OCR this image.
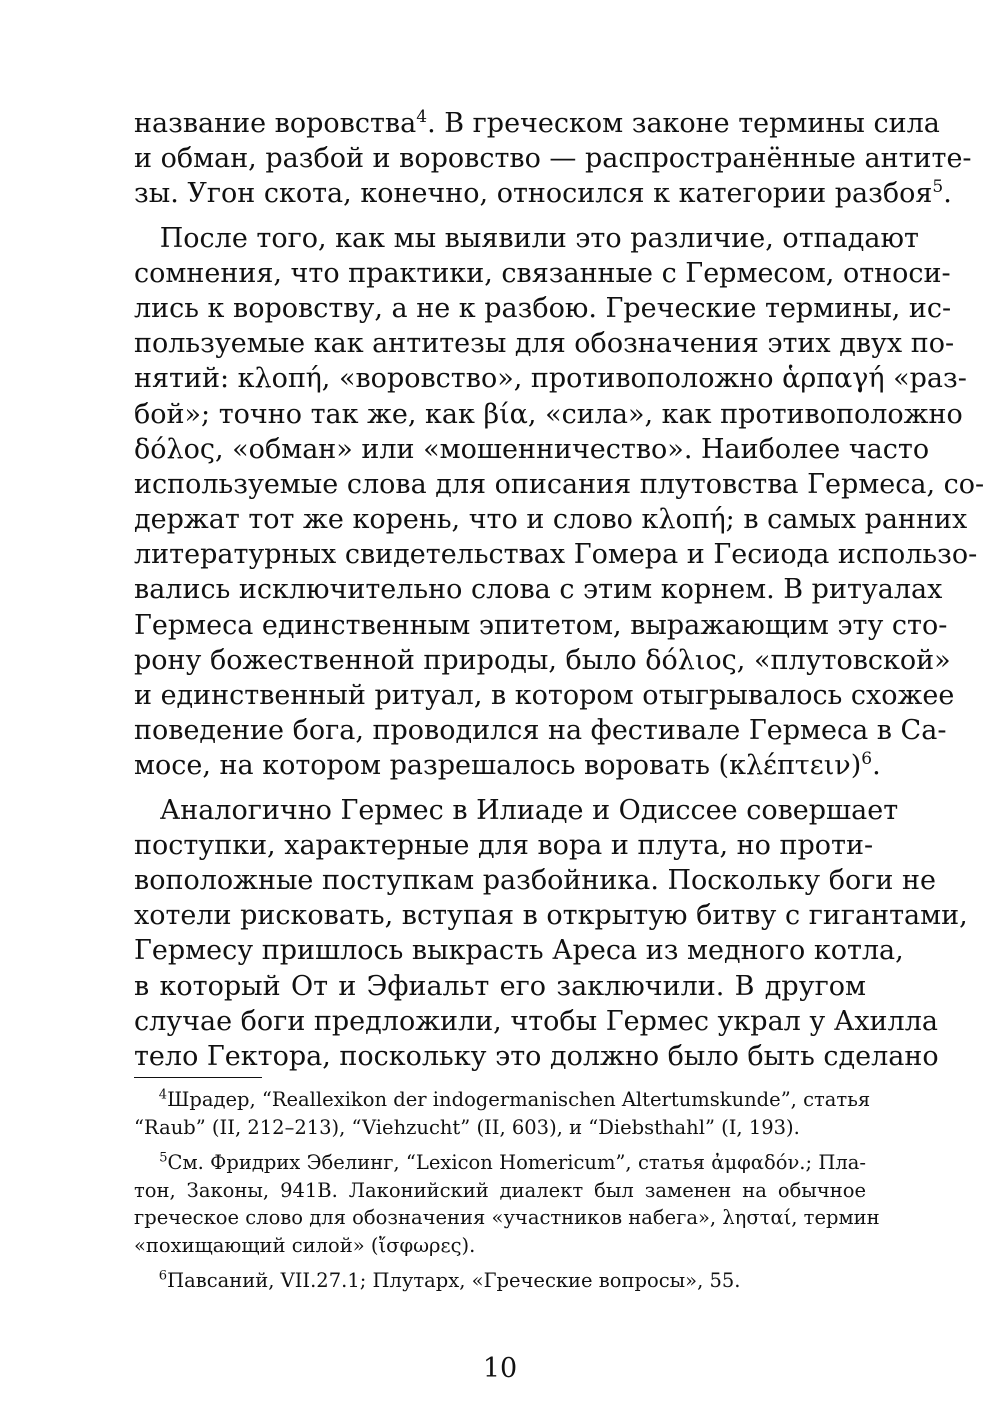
название воровства$^4$. В греческом законе термины сила
и обман, разбой и воровство — распространённые антите-
зы. Угон скота, конечно, относился к категории разбоя$^5$.
После того, как мы выявили это различие, отпадают
сомнения, что практики, связанные с Гермесом, относи-
лись к воровству, а не к разбою. Греческие термины, ис-
пользуемые как антитезы для обозначения этих двух по-
нятий: κλοπή, «воровство», противоположно ἁρπαγή «раз-
бой»; точно так же, как βία, «сила», как противоположно
δόλος, «обман» или «мошенничество». Наиболее часто
используемые слова для описания плутовства Гермеса, со-
держат тот же корень, что и слово κλοπή; в самых ранних
литературных свидетельствах Гомера и Гесиода использо-
вались исключительно слова с этим корнем. В ритуалах
Гермеса единственным эпитетом, выражающим эту сто-
рону божественной природы, было δόλιος, «плутовской»
и единственный ритуал, в котором отыгрывалось схожее
поведение бога, проводился на фестивале Гермеса в Са-
мосе, на котором разрешалось воровать $(\kappa\lambda έ\pi\tau\varepsilon\iota\nu)^6$.
Аналогично Гермес в Илиаде и Одиссее совершает
поступки, характерные для вора и плута, но проти-
воположные поступкам разбойника. Поскольку боги не
хотели рисковать, вступая в открытую битву с гигантами,
Гермесу пришлось выкрасть Ареса из медного котла,
в который От и Эфиальт его заключили. В другом
случае боги предложили, чтобы Гермес украл у Ахилла
тело Гектора, поскольку это должно было быть сделано
$^4$Шрадер, “Reallexikon der indogermanischen Altertumskunde”, статья
“Raub” (II, 212–213), “Viehzucht” (II, 603), и “Diebsthahl” (I, 193).
$^5$См. Фридрих Эбелинг, “Lexicon Homericum”, статья ἀμφαδόν.; Пла-
тон, Законы, 941B. Лаконийский диалект был заменен на обычное
греческое слово для обозначения «участников набега», λησταί, термин
«похищающий силой» (ἴσφωρες).
$^6$Павсаний, VII.27.1; Плутарх, «Греческие вопросы», 55.
10
